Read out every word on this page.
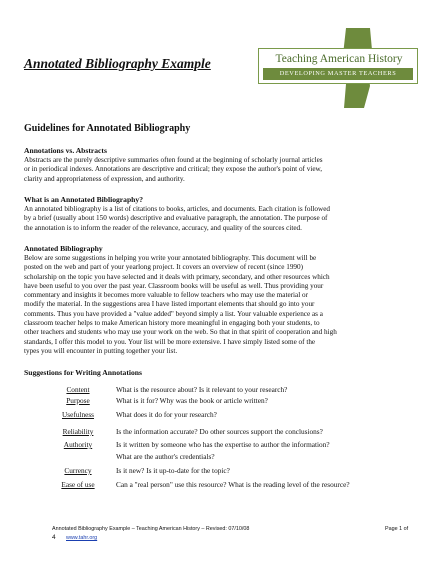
Annotated Bibliography Example	Teaching American History
DEVELOPING MASTER TEACHERS
Guidelines for Annotated Bibliography
Annotations vs. Abstracts
Abstracts are the purely descriptive summaries often found at the beginning of scholarly journal articles
or in periodical indexes. Annotations are descriptive and critical; they expose the author's point of view,
clarity and appropriateness of expression, and authority.
What is an Annotated Bibliography?
An annotated bibliography is a list of citations to books, articles, and documents. Each citation is followed
by a brief (usually about 150 words) descriptive and evaluative paragraph, the annotation. The purpose of
the annotation is to inform the reader of the relevance, accuracy, and quality of the sources cited.
Annotated Bibliography
Below are some suggestions in helping you write your annotated bibliography. This document will be
posted on the web and part of your yearlong project. It covers an overview of recent (since 1990)
scholarship on the topic you have selected and it deals with primary, secondary, and other resources which
have been useful to you over the past year. Classroom books will be useful as well. Thus providing your
commentary and insights it becomes more valuable to fellow teachers who may use the material or
modify the material. In the suggestions area I have listed important elements that should go into your
comments. Thus you have provided a "value added" beyond simply a list. Your valuable experience as a
classroom teacher helps to make American history more meaningful in engaging both your students, to
other teachers and students who may use your work on the web. So that in that spirit of cooperation and high
standards, I offer this model to you. Your list will be more extensive. I have simply listed some of the
types you will encounter in putting together your list.
Suggestions for Writing Annotations
Content	What is the resource about? Is it relevant to your research?
Purpose	What is it for? Why was the book or article written?
Usefulness	What does it do for your research?
Reliability	Is the information accurate? Do other sources support the conclusions?
Authority	Is it written by someone who has the expertise to author the information?
What are the author's credentials?
Currency	Is it new? Is it up-to-date for the topic?
Ease of use	Can a "real person" use this resource? What is the reading level of the resource?
Annotated Bibliography Example – Teaching American History – Revised: 07/10/08	Page 1 of
4 www.tahr.org
